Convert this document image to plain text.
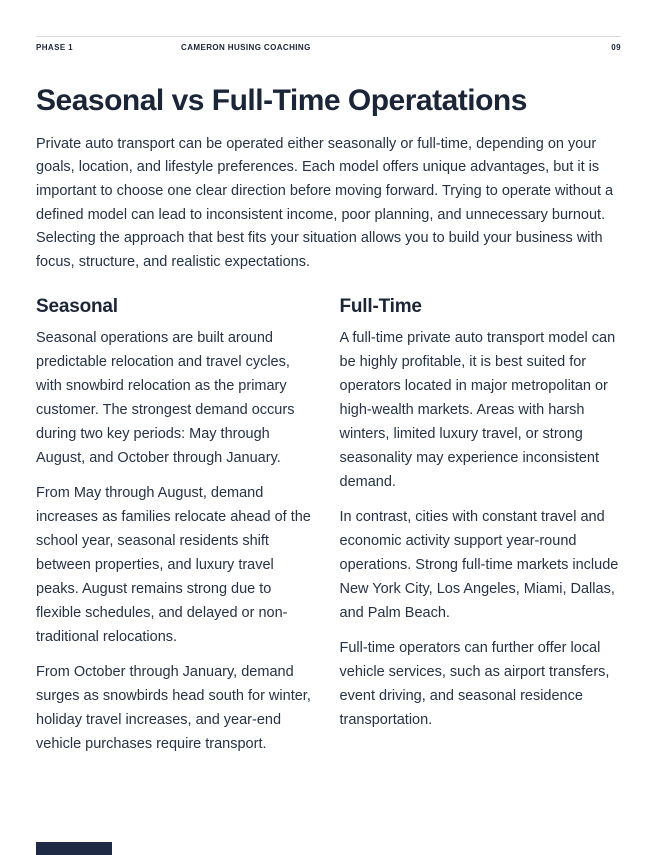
PHASE 1	CAMERON HUSING COACHING	09
Seasonal vs Full-Time Operatations

Private auto transport can be operated either seasonally or full-time, depending on your goals, location, and lifestyle preferences. Each model offers unique advantages, but it is important to choose one clear direction before moving forward. Trying to operate without a defined model can lead to inconsistent income, poor planning, and unnecessary burnout. Selecting the approach that best fits your situation allows you to build your business with focus, structure, and realistic expectations.

Seasonal

Seasonal operations are built around predictable relocation and travel cycles, with snowbird relocation as the primary customer. The strongest demand occurs during two key periods: May through August, and October through January.

From May through August, demand increases as families relocate ahead of the school year, seasonal residents shift between properties, and luxury travel peaks. August remains strong due to flexible schedules, and delayed or non-traditional relocations.

From October through January, demand surges as snowbirds head south for winter, holiday travel increases, and year-end vehicle purchases require transport.

Full-Time

A full-time private auto transport model can be highly profitable, it is best suited for operators located in major metropolitan or high-wealth markets. Areas with harsh winters, limited luxury travel, or strong seasonality may experience inconsistent demand.

In contrast, cities with constant travel and economic activity support year-round operations. Strong full-time markets include New York City, Los Angeles, Miami, Dallas, and Palm Beach.

Full-time operators can further offer local vehicle services, such as airport transfers, event driving, and seasonal residence transportation.
